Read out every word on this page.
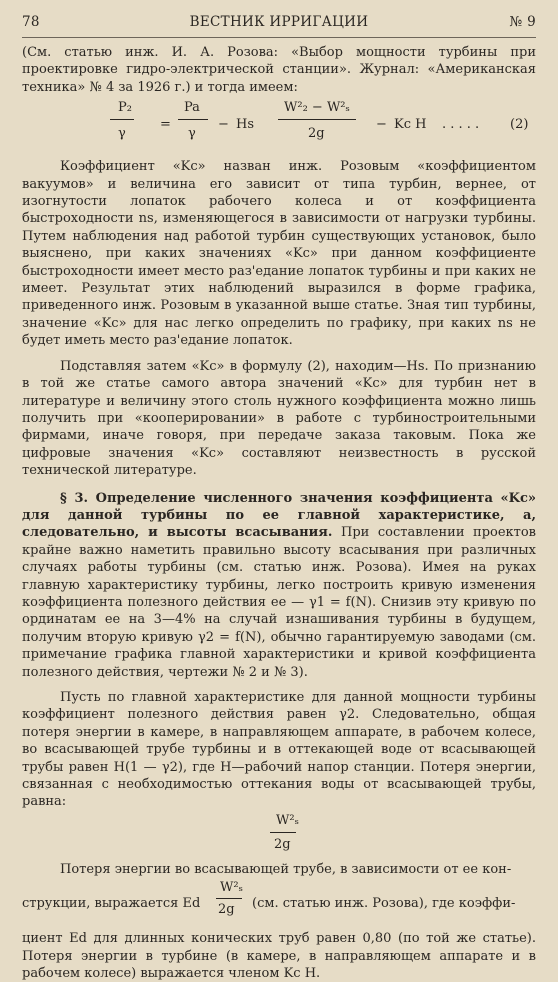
78	ВЕСТНИК ИРРИГАЦИИ	№ 9

(См. статью инж. И. А. Розова: «Выбор мощности турбины при проектировке гидро-электрической станции». Журнал: «Американская техника» № 4 за 1926 г.) и тогда имеем:

P₂
γ
=
Pa
γ
− Hs
W²₂ − W²ₛ
2g
− Kc H . . . . . (2)

Коэффициент «Kc» назван инж. Розовым «коэффициентом вакуумов» и величина его зависит от типа турбин, вернее, от изогнутости лопаток рабочего колеса и от коэффициента быстроходности ns, изменяющегося в зависимости от нагрузки турбины. Путем наблюдения над работой турбин существующих установок, было выяснено, при каких значениях «Kc» при данном коэффициенте быстроходности имеет место раз'едание лопаток турбины и при каких не имеет. Результат этих наблюдений выразился в форме графика, приведенного инж. Розовым в указанной выше статье. Зная тип турбины, значение «Kc» для нас легко определить по графику, при каких ns не будет иметь место раз'едание лопаток.

Подставляя затем «Kc» в формулу (2), находим—Hs. По признанию в той же статье самого автора значений «Kc» для турбин нет в литературе и величину этого столь нужного коэффициента можно лишь получить при «кооперировании» в работе с турбиностроительными фирмами, иначе говоря, при передаче заказа таковым. Пока же цифровые значения «Kc» составляют неизвестность в русской технической литературе.

§ 3. Определение численного значения коэффициента «Kc» для данной турбины по ее главной характеристике, а, следовательно, и высоты всасывания. При составлении проектов крайне важно наметить правильно высоту всасывания при различных случаях работы турбины (см. статью инж. Розова). Имея на руках главную характеристику турбины, легко построить кривую изменения коэффициента полезного действия ее — γ1 = f(N). Снизив эту кривую по ординатам ее на 3—4% на случай изнашивания турбины в будущем, получим вторую кривую γ2 = f(N), обычно гарантируемую заводами (см. примечание графика главной характеристики и кривой коэффициента полезного действия, чертежи № 2 и № 3).

Пусть по главной характеристике для данной мощности турбины коэффициент полезного действия равен γ2. Следовательно, общая потеря энергии в камере, в направляющем аппарате, в рабочем колесе, во всасывающей трубе турбины и в оттекающей воде от всасывающей трубы равен H(1 — γ2), где H—рабочий напор станции. Потеря энергии, связанная с необходимостью оттекания воды от всасывающей трубы, равна:

W²ₛ
2g

Потеря энергии во всасывающей трубе, в зависимости от ее кон-

струкции, выражается Ed
W²ₛ
2g (см. статью инж. Розова), где коэффи-

циент Ed для длинных конических труб равен 0,80 (по той же статье). Потеря энергии в турбине (в камере, в направляющем аппарате и в рабочем колесе) выражается членом Kc H.
